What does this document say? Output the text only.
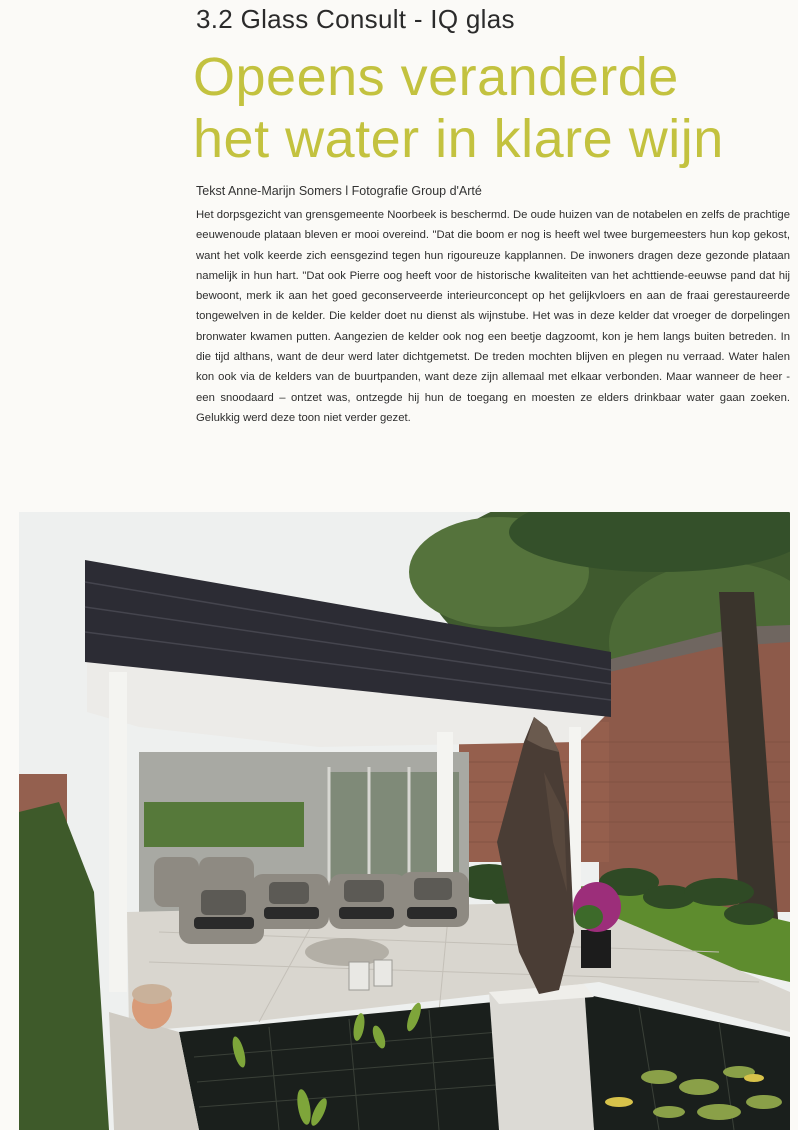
3.2 Glass Consult - IQ glas
Opeens veranderde
het water in klare wijn
Tekst Anne-Marijn Somers l Fotografie Group d'Arté

Het dorpsgezicht van grensgemeente Noorbeek is beschermd. De oude huizen van de notabelen en zelfs de prachtige eeuwenoude plataan bleven er mooi overeind. "Dat die boom er nog is heeft wel twee burgemeesters hun kop gekost, want het volk keerde zich eensgezind tegen hun rigoureuze kapplannen. De inwoners dragen deze gezonde plataan namelijk in hun hart. "Dat ook Pierre oog heeft voor de historische kwaliteiten van het achttiende-eeuwse pand dat hij bewoont, merk ik aan het goed geconserveerde interieurconcept op het gelijkvloers en aan de fraai gerestaureerde tongewelven in de kelder. Die kelder doet nu dienst als wijnstube. Het was in deze kelder dat vroeger de dorpelingen bronwater kwamen putten. Aangezien de kelder ook nog een beetje dagzoomt, kon je hem langs buiten betreden. In die tijd althans, want de deur werd later dichtgemetst. De treden mochten blijven en plegen nu verraad. Water halen kon ook via de kelders van de buurtpanden, want deze zijn allemaal met elkaar verbonden. Maar wanneer de heer - een snoodaard – ontzet was, ontzegde hij hun de toegang en moesten ze elders drinkbaar water gaan zoeken. Gelukkig werd deze toon niet verder gezet.
